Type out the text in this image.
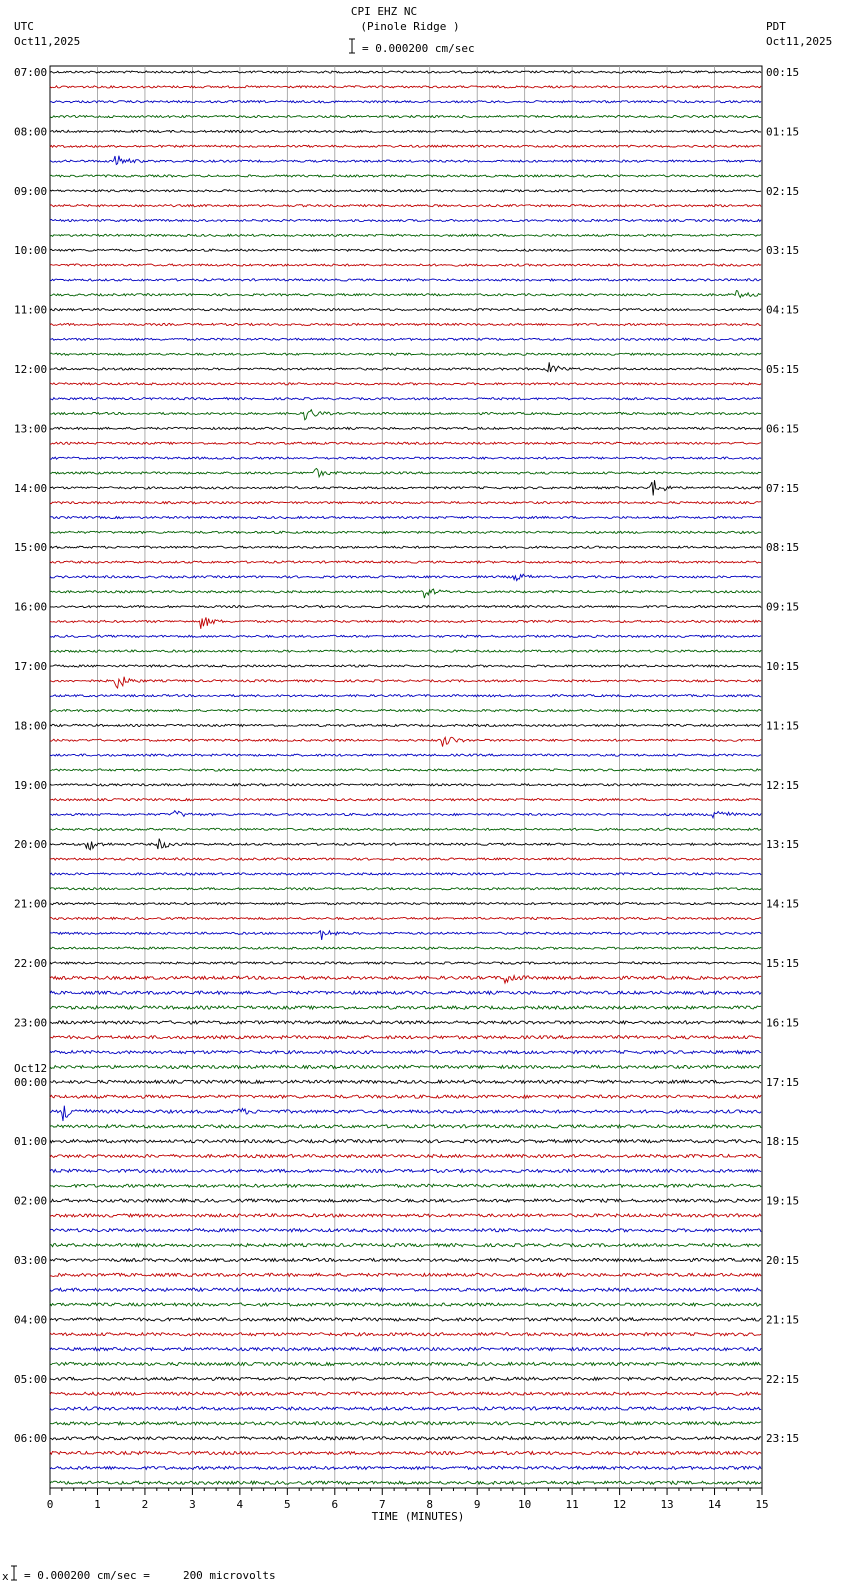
CPI EHZ NC
(Pinole Ridge )
= 0.000200 cm/sec
UTC
Oct11,2025
PDT
Oct11,2025
07:00	00:15
08:00	01:15
09:00	02:15
10:00	03:15
11:00	04:15
12:00	05:15
13:00	06:15
14:00	07:15
15:00	08:15
16:00	09:15
17:00	10:15
18:00	11:15
19:00	12:15
20:00	13:15
21:00	14:15
22:00	15:15
23:00	16:15
00:00	17:15
Oct12
01:00	18:15
02:00	19:15
03:00	20:15
04:00	21:15
05:00	22:15
06:00	23:15
0	1	2	3	4	5	6	7	8	9	10	11	12	13	14	15
TIME (MINUTES)
x = 0.000200 cm/sec =     200 microvolts
